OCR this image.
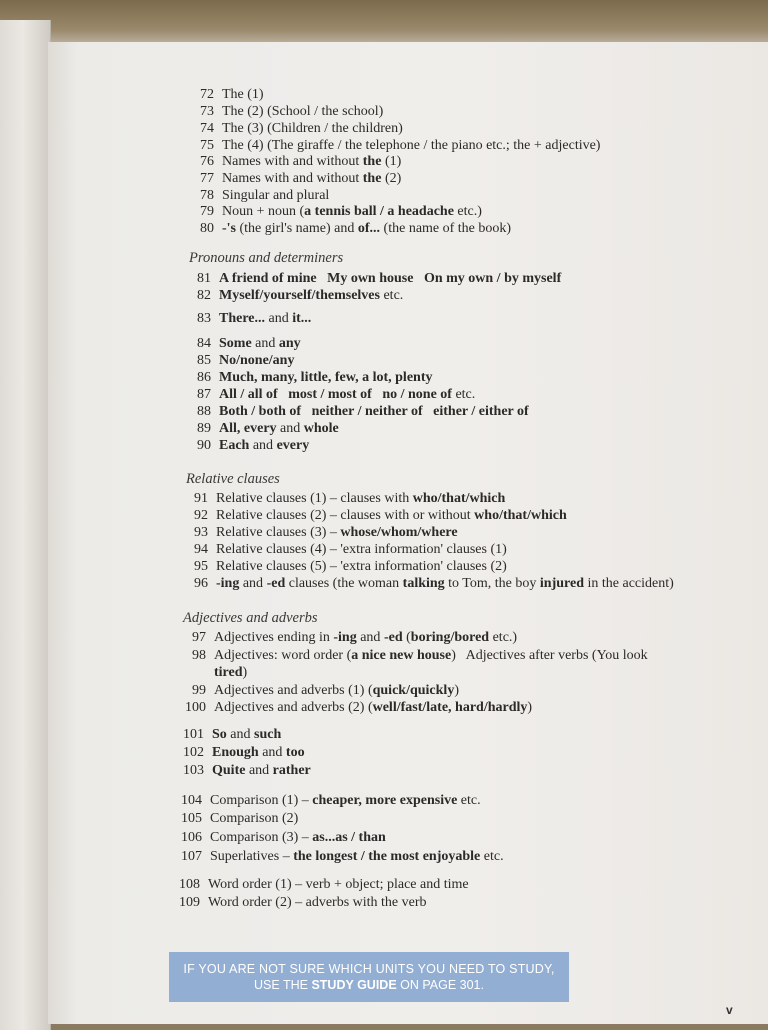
72 The (1)
73 The (2) (School / the school)
74 The (3) (Children / the children)
75 The (4) (The giraffe / the telephone / the piano etc.; the + adjective)
76 Names with and without the (1)
77 Names with and without the (2)
78 Singular and plural
79 Noun + noun (a tennis ball / a headache etc.)
80 -'s (the girl's name) and of... (the name of the book)
Pronouns and determiners
81 A friend of mine   My own house   On my own / by myself
82 Myself/yourself/themselves etc.
83 There... and it...
84 Some and any
85 No/none/any
86 Much, many, little, few, a lot, plenty
87 All / all of   most / most of   no / none of etc.
88 Both / both of   neither / neither of   either / either of
89 All, every and whole
90 Each and every
Relative clauses
91 Relative clauses (1) – clauses with who/that/which
92 Relative clauses (2) – clauses with or without who/that/which
93 Relative clauses (3) – whose/whom/where
94 Relative clauses (4) – 'extra information' clauses (1)
95 Relative clauses (5) – 'extra information' clauses (2)
96 -ing and -ed clauses (the woman talking to Tom, the boy injured in the accident)
Adjectives and adverbs
97 Adjectives ending in -ing and -ed (boring/bored etc.)
98 Adjectives: word order (a nice new house)   Adjectives after verbs (You look
tired)
99 Adjectives and adverbs (1) (quick/quickly)
100 Adjectives and adverbs (2) (well/fast/late, hard/hardly)
101 So and such
102 Enough and too
103 Quite and rather
104 Comparison (1) – cheaper, more expensive etc.
105 Comparison (2)
106 Comparison (3) – as...as / than
107 Superlatives – the longest / the most enjoyable etc.
108 Word order (1) – verb + object; place and time
109 Word order (2) – adverbs with the verb
IF YOU ARE NOT SURE WHICH UNITS YOU NEED TO STUDY,
USE THE STUDY GUIDE ON PAGE 301.
v
